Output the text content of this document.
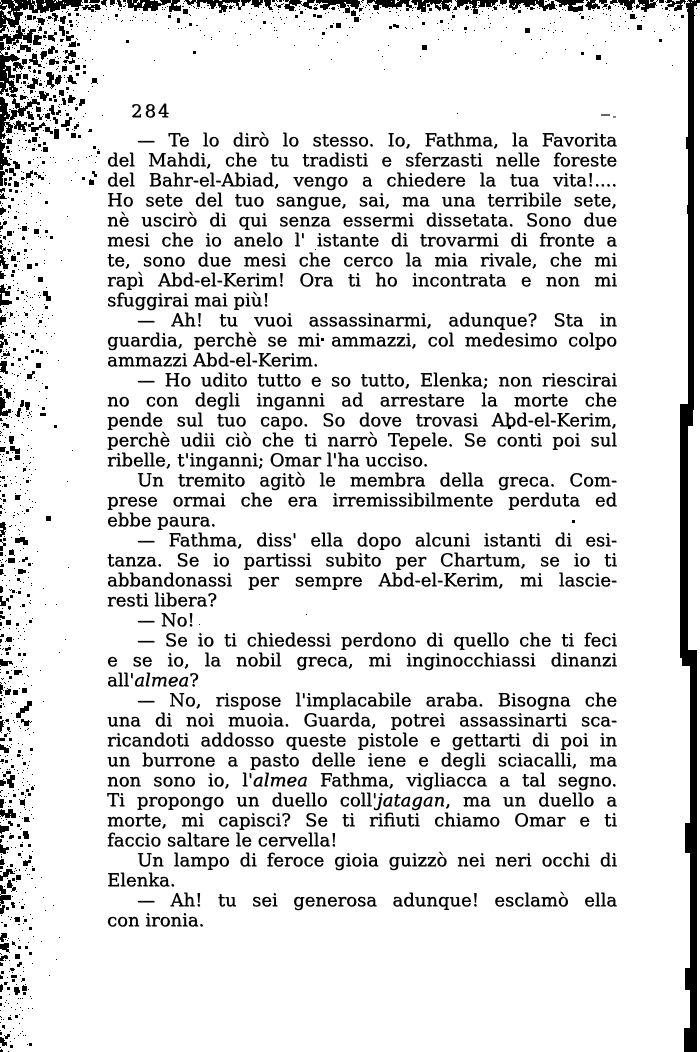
284
— Te lo dirò lo stesso. Io, Fathma, la Favorita
del Mahdi, che tu tradisti e sferzasti nelle foreste
del Bahr-el-Abiad, vengo a chiedere la tua vita!....
Ho sete del tuo sangue, sai, ma una terribile sete,
nè uscirò di qui senza essermi dissetata. Sono due
mesi che io anelo l' istante di trovarmi di fronte a
te, sono due mesi che cerco la mia rivale, che mi
rapì Abd-el-Kerim! Ora ti ho incontrata e non mi
sfuggirai mai più!
— Ah! tu vuoi assassinarmi, adunque? Sta in
guardia, perchè se mi ammazzi, col medesimo colpo
ammazzi Abd-el-Kerim.
— Ho udito tutto e so tutto, Elenka; non riescirai
no con degli inganni ad arrestare la morte che
pende sul tuo capo. So dove trovasi Abd-el-Kerim,
perchè udii ciò che ti narrò Tepele. Se conti poi sul
ribelle, t'inganni; Omar l'ha ucciso.
Un tremito agitò le membra della greca. Com-
prese ormai che era irremissibilmente perduta ed
ebbe paura.
— Fathma, diss' ella dopo alcuni istanti di esi-
tanza. Se io partissi subito per Chartum, se io ti
abbandonassi per sempre Abd-el-Kerim, mi lascie-
resti libera?
— No!
— Se io ti chiedessi perdono di quello che ti feci
e se io, la nobil greca, mi inginocchiassi dinanzi
all'almea?
— No, rispose l'implacabile araba. Bisogna che
una di noi muoia. Guarda, potrei assassinarti sca-
ricandoti addosso queste pistole e gettarti di poi in
un burrone a pasto delle iene e degli sciacalli, ma
non sono io, l'almea Fathma, vigliacca a tal segno.
Ti propongo un duello coll'jatagan, ma un duello a
morte, mi capisci? Se ti rifiuti chiamo Omar e ti
faccio saltare le cervella!
Un lampo di feroce gioia guizzò nei neri occhi di
Elenka.
— Ah! tu sei generosa adunque! esclamò ella
con ironia.
